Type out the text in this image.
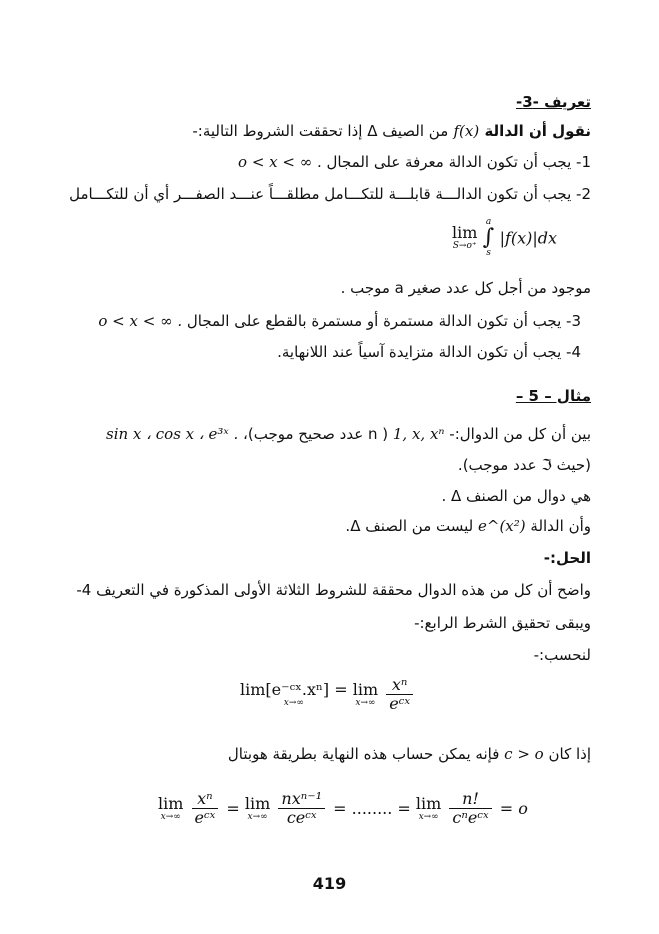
تعريف -3-
نقول أن الدالة f(x) من الصيف Δ إذا تحققت الشروط التالية:-
1- يجب أن تكون الدالة معرفة على المجال o < x < ∞ .
2- يجب أن تكون الدالـــة قابلـــة للتكـــامل مطلقـــاً عنـــد الصفـــر أي أن للتكـــامل
lim
S→o⁺

a
∫
s
|f(x)|dx
موجود من أجل كل عدد صغير a موجب .
3- يجب أن تكون الدالة مستمرة أو مستمرة بالقطع على المجال o < x < ∞ .
4- يجب أن تكون الدالة متزايدة آسياً عند اللانهاية.
مثال – 5 –
بين أن كل من الدوال:- 1, x, xⁿ ( n عدد صحيح موجب)، sin x ، cos x ، e³ˣ .
(حيث ℑ عدد موجب).
هي دوال من الصنف Δ .
وأن الدالة e^(x²) ليست من الصنف Δ.
الحل:-
واضح أن كل من هذه الدوال محققة للشروط الثلاثة الأولى المذكورة في التعريف 4-
ويبقى تحقيق الشرط الرابع:-
لنحسب:-
lim[e⁻ᶜˣ.xⁿ] =
x→∞

lim
x→∞
$\frac{\text{xⁿ}}{\text{eᶜˣ}}$
إذا كان c > o فإنه يمكن حساب هذه النهاية بطريقة هوبتال
lim
x→∞
$\frac{\text{xⁿ}}{\text{eᶜˣ}} = \lim$
x→∞
$\frac{\text{nxⁿ⁻¹}}{\text{ceᶜˣ}}$ = ........ = lim
x→∞
$\frac{n!}{\text{cⁿeᶜˣ}} = o$
419
